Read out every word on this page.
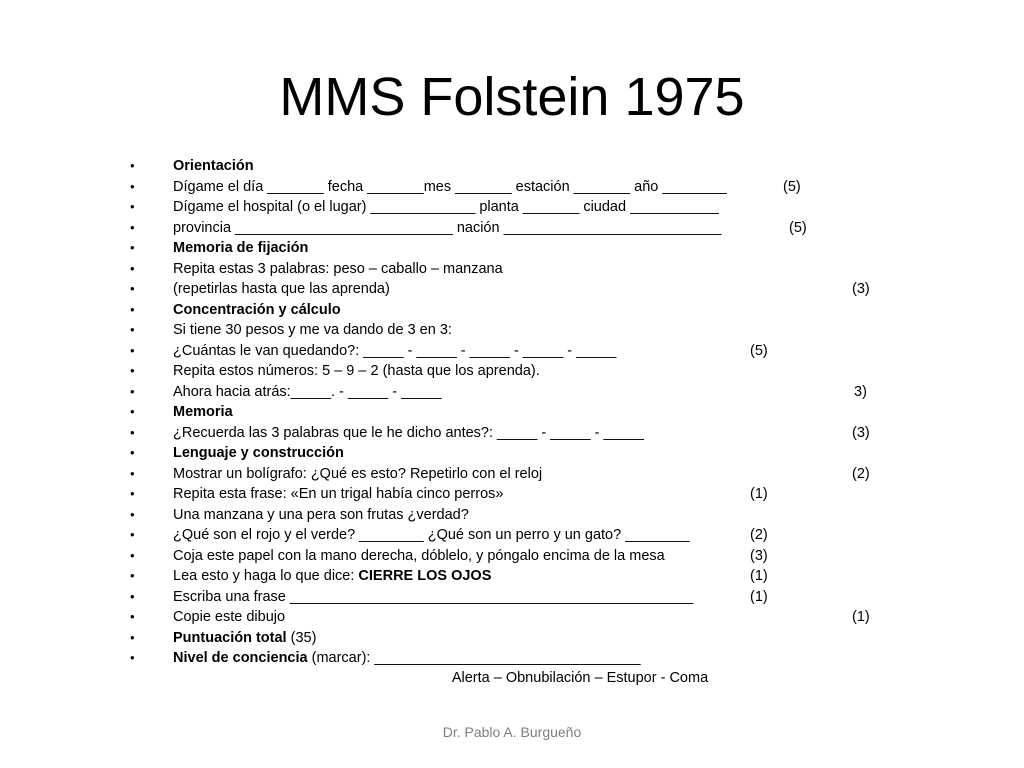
MMS Folstein 1975
•	Orientación
•	Dígame el día _______ fecha _______mes _______ estación _______ año ________	(5)
•	Dígame el hospital (o el lugar) _____________ planta _______ ciudad ___________
•	provincia ___________________________ nación ___________________________	(5)
•	Memoria de fijación
•	Repita estas 3 palabras: peso – caballo – manzana
•	(repetirlas hasta que las aprenda)	(3)
•	Concentración y cálculo
•	Si tiene 30 pesos y me va dando de 3 en 3:
•	¿Cuántas le van quedando?: _____ - _____ - _____ - _____ - _____	(5)
•	Repita estos números: 5 – 9 – 2 (hasta que los aprenda).
•	Ahora hacia atrás:_____. - _____ - _____	3)
•	Memoria
•	¿Recuerda las 3 palabras que le he dicho antes?: _____ - _____ - _____	(3)
•	Lenguaje y construcción
•	Mostrar un bolígrafo: ¿Qué es esto? Repetirlo con el reloj	(2)
•	Repita esta frase: «En un trigal había cinco perros»	(1)
•	Una manzana y una pera son frutas ¿verdad?
•	¿Qué son el rojo y el verde? ________ ¿Qué son un perro y un gato? ________	(2)
•	Coja este papel con la mano derecha, dóblelo, y póngalo encima de la mesa	(3)
•	Lea esto y haga lo que dice: CIERRE LOS OJOS	(1)
•	Escriba una frase __________________________________________________	(1)
•	Copie este dibujo	(1)
•	Puntuación total (35)
•	Nivel de conciencia (marcar): _________________________________
Alerta – Obnubilación – Estupor - Coma
Dr. Pablo A. Burgueño
